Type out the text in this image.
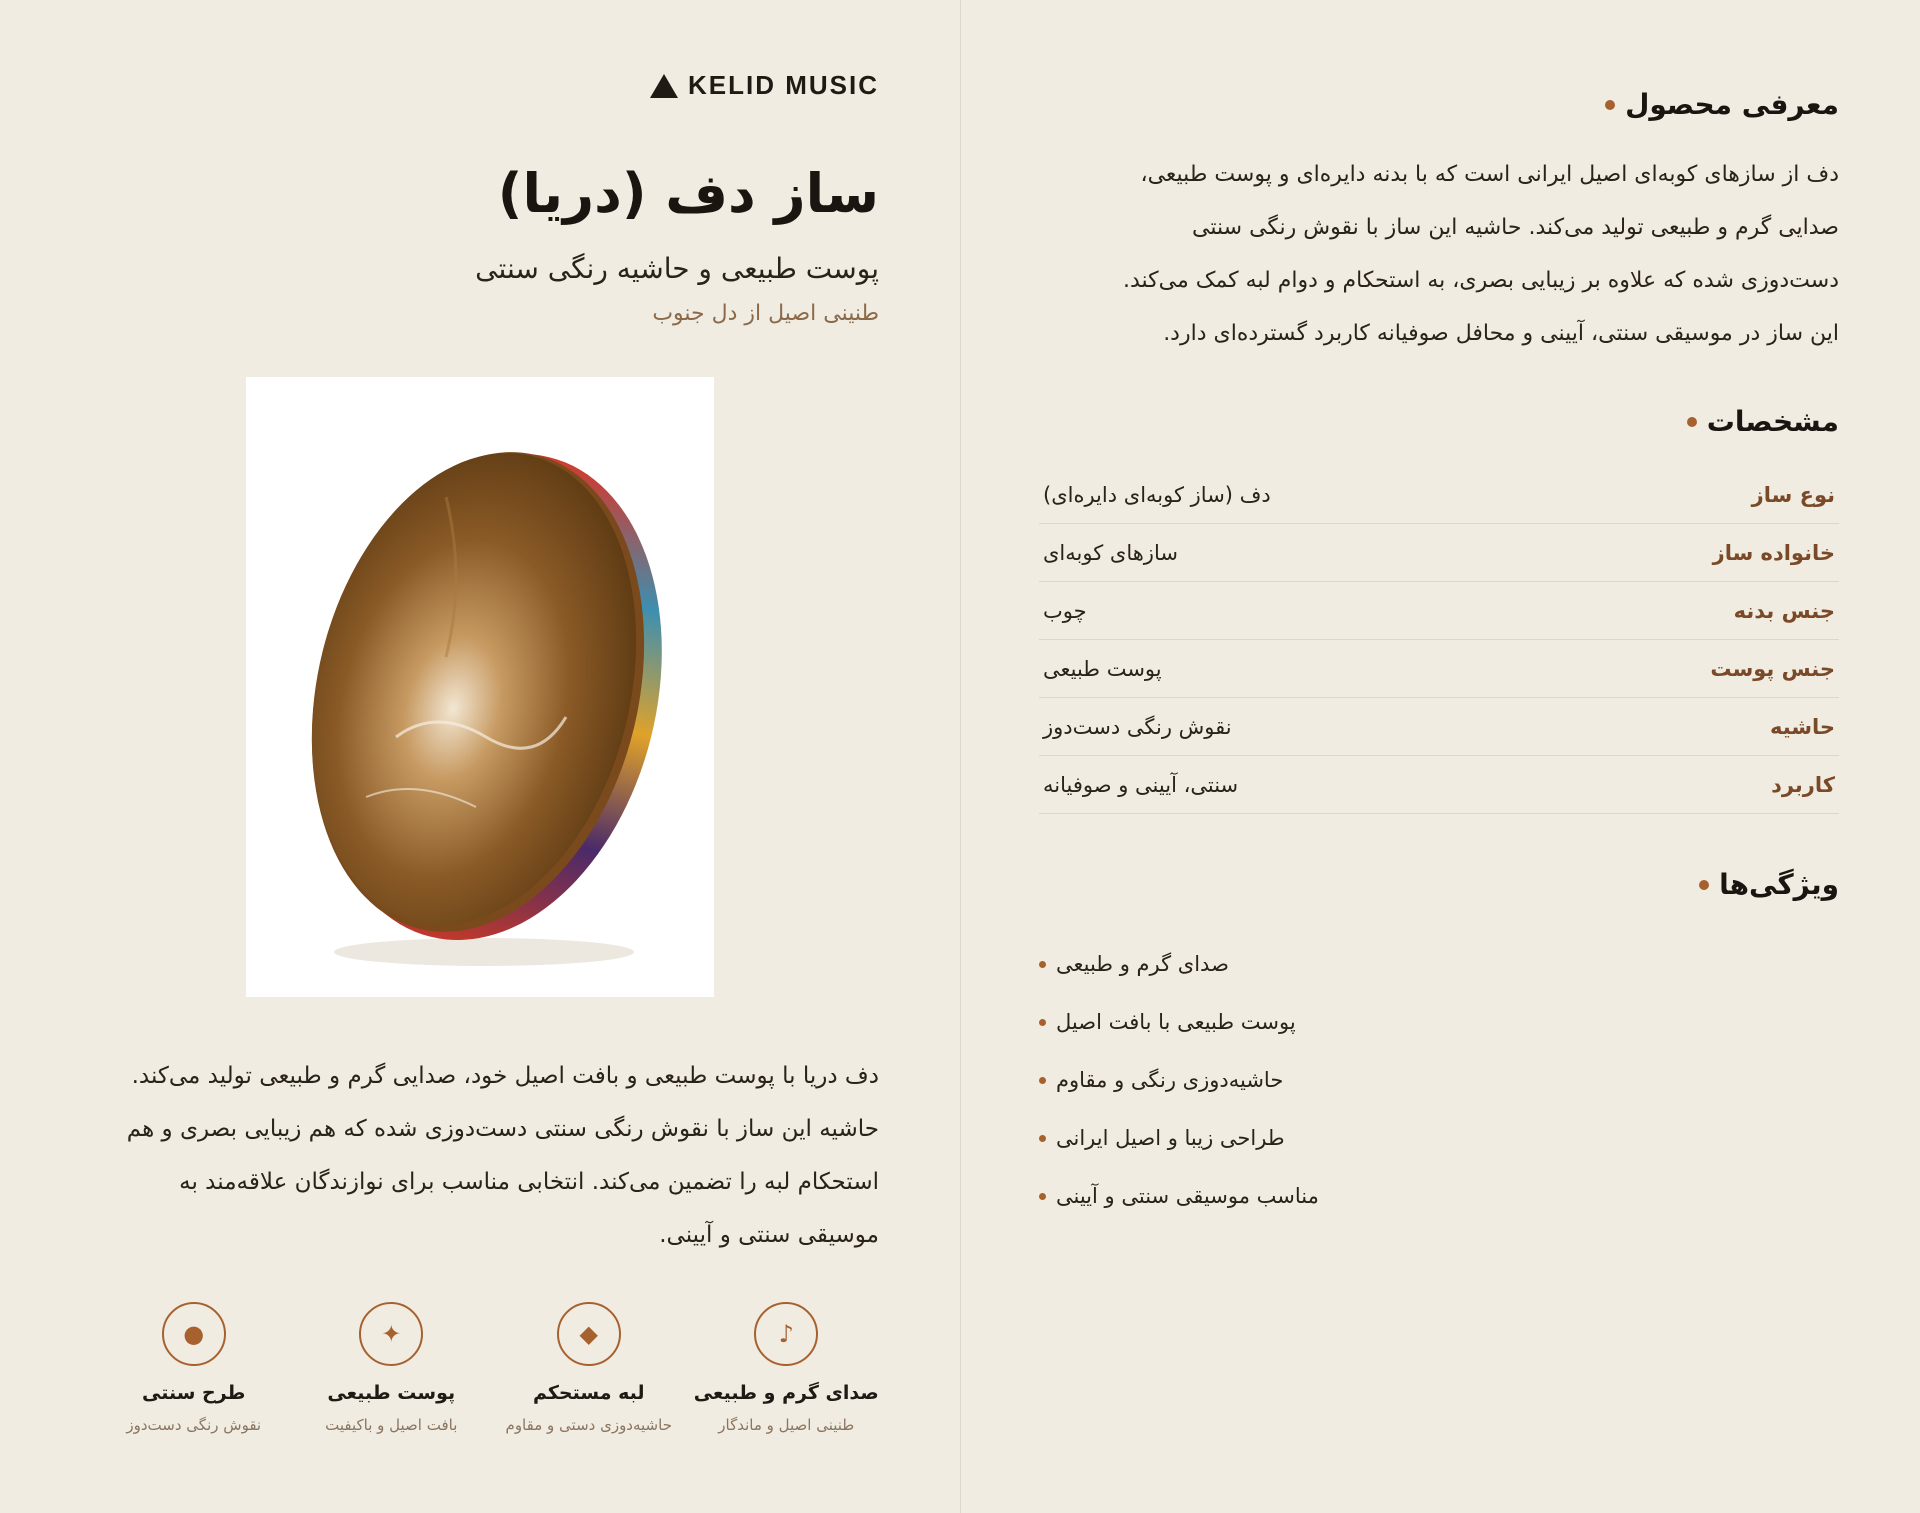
KELID MUSIC
ساز دف (دریا)
پوست طبیعی و حاشیه رنگی سنتی
طنینی اصیل از دل جنوب
دف دریا با پوست طبیعی و بافت اصیل خود، صدایی گرم و طبیعی تولید می‌کند.
حاشیه این ساز با نقوش رنگی سنتی دست‌دوزی شده که هم زیبایی بصری و هم
استحکام لبه را تضمین می‌کند. انتخابی مناسب برای نوازندگان علاقه‌مند به
موسیقی سنتی و آیینی.
♪
صدای گرم و طبیعی
طنینی اصیل و ماندگار
◆
لبه مستحکم
حاشیه‌دوزی دستی و مقاوم
✦
پوست طبیعی
بافت اصیل و باکیفیت
●
طرح سنتی
نقوش رنگی دست‌دوز
معرفی محصول
دف از سازهای کوبه‌ای اصیل ایرانی است که با بدنه دایره‌ای و پوست طبیعی،
صدایی گرم و طبیعی تولید می‌کند. حاشیه این ساز با نقوش رنگی سنتی
دست‌دوزی شده که علاوه بر زیبایی بصری، به استحکام و دوام لبه کمک می‌کند.
این ساز در موسیقی سنتی، آیینی و محافل صوفیانه کاربرد گسترده‌ای دارد.
مشخصات
نوع ساز
دف (ساز کوبه‌ای دایره‌ای)
خانواده ساز
سازهای کوبه‌ای
جنس بدنه
چوب
جنس پوست
پوست طبیعی
حاشیه
نقوش رنگی دست‌دوز
کاربرد
سنتی، آیینی و صوفیانه
ویژگی‌ها
صدای گرم و طبیعی
پوست طبیعی با بافت اصیل
حاشیه‌دوزی رنگی و مقاوم
طراحی زیبا و اصیل ایرانی
مناسب موسیقی سنتی و آیینی
